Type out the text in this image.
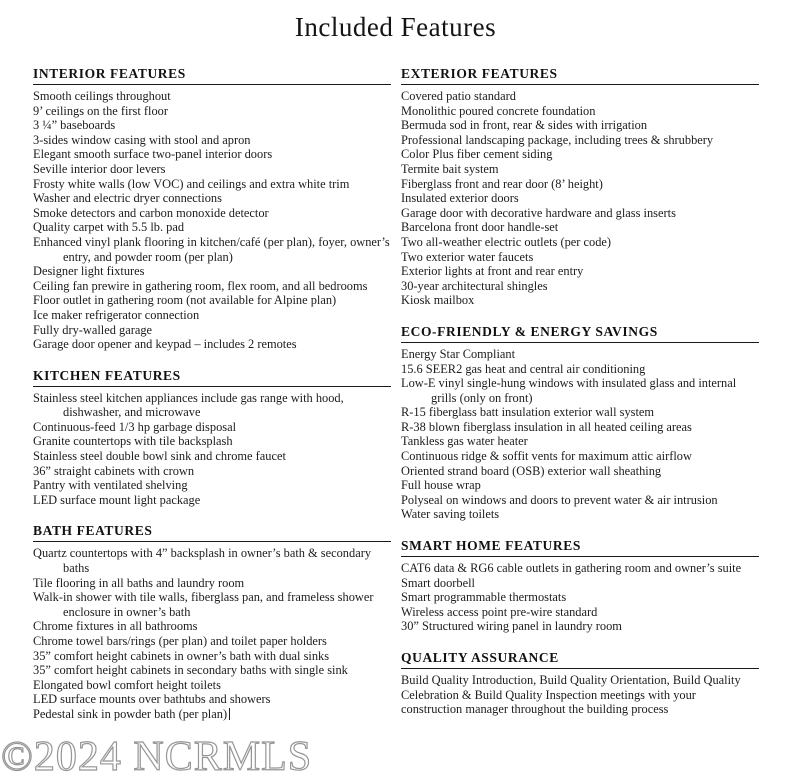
Included Features
INTERIOR FEATURES
Smooth ceilings throughout
9’ ceilings on the first floor
3 ¼” baseboards
3-sides window casing with stool and apron
Elegant smooth surface two-panel interior doors
Seville interior door levers
Frosty white walls (low VOC) and ceilings and extra white trim
Washer and electric dryer connections
Smoke detectors and carbon monoxide detector
Quality carpet with 5.5 lb. pad
Enhanced vinyl plank flooring in kitchen/café (per plan), foyer, owner’s entry, and powder room (per plan)
Designer light fixtures
Ceiling fan prewire in gathering room, flex room, and all bedrooms
Floor outlet in gathering room (not available for Alpine plan)
Ice maker refrigerator connection
Fully dry-walled garage
Garage door opener and keypad – includes 2 remotes
KITCHEN FEATURES
Stainless steel kitchen appliances include gas range with hood, dishwasher, and microwave
Continuous-feed 1/3 hp garbage disposal
Granite countertops with tile backsplash
Stainless steel double bowl sink and chrome faucet
36” straight cabinets with crown
Pantry with ventilated shelving
LED surface mount light package
BATH FEATURES
Quartz countertops with 4” backsplash in owner’s bath & secondary baths
Tile flooring in all baths and laundry room
Walk-in shower with tile walls, fiberglass pan, and frameless shower enclosure in owner’s bath
Chrome fixtures in all bathrooms
Chrome towel bars/rings (per plan) and toilet paper holders
35” comfort height cabinets in owner’s bath with dual sinks
35” comfort height cabinets in secondary baths with single sink
Elongated bowl comfort height toilets
LED surface mounts over bathtubs and showers
Pedestal sink in powder bath (per plan)
EXTERIOR FEATURES
Covered patio standard
Monolithic poured concrete foundation
Bermuda sod in front, rear & sides with irrigation
Professional landscaping package, including trees & shrubbery
Color Plus fiber cement siding
Termite bait system
Fiberglass front and rear door (8’ height)
Insulated exterior doors
Garage door with decorative hardware and glass inserts
Barcelona front door handle-set
Two all-weather electric outlets (per code)
Two exterior water faucets
Exterior lights at front and rear entry
30-year architectural shingles
Kiosk mailbox
ECO-FRIENDLY & ENERGY SAVINGS
Energy Star Compliant
15.6 SEER2 gas heat and central air conditioning
Low-E vinyl single-hung windows with insulated glass and internal grills (only on front)
R-15 fiberglass batt insulation exterior wall system
R-38 blown fiberglass insulation in all heated ceiling areas
Tankless gas water heater
Continuous ridge & soffit vents for maximum attic airflow
Oriented strand board (OSB) exterior wall sheathing
Full house wrap
Polyseal on windows and doors to prevent water & air intrusion
Water saving toilets
SMART HOME FEATURES
CAT6 data & RG6 cable outlets in gathering room and owner’s suite
Smart doorbell
Smart programmable thermostats
Wireless access point pre-wire standard
30” Structured wiring panel in laundry room
QUALITY ASSURANCE
Build Quality Introduction, Build Quality Orientation, Build Quality Celebration & Build Quality Inspection meetings with your construction manager throughout the building process
©2024 NCRMLS
